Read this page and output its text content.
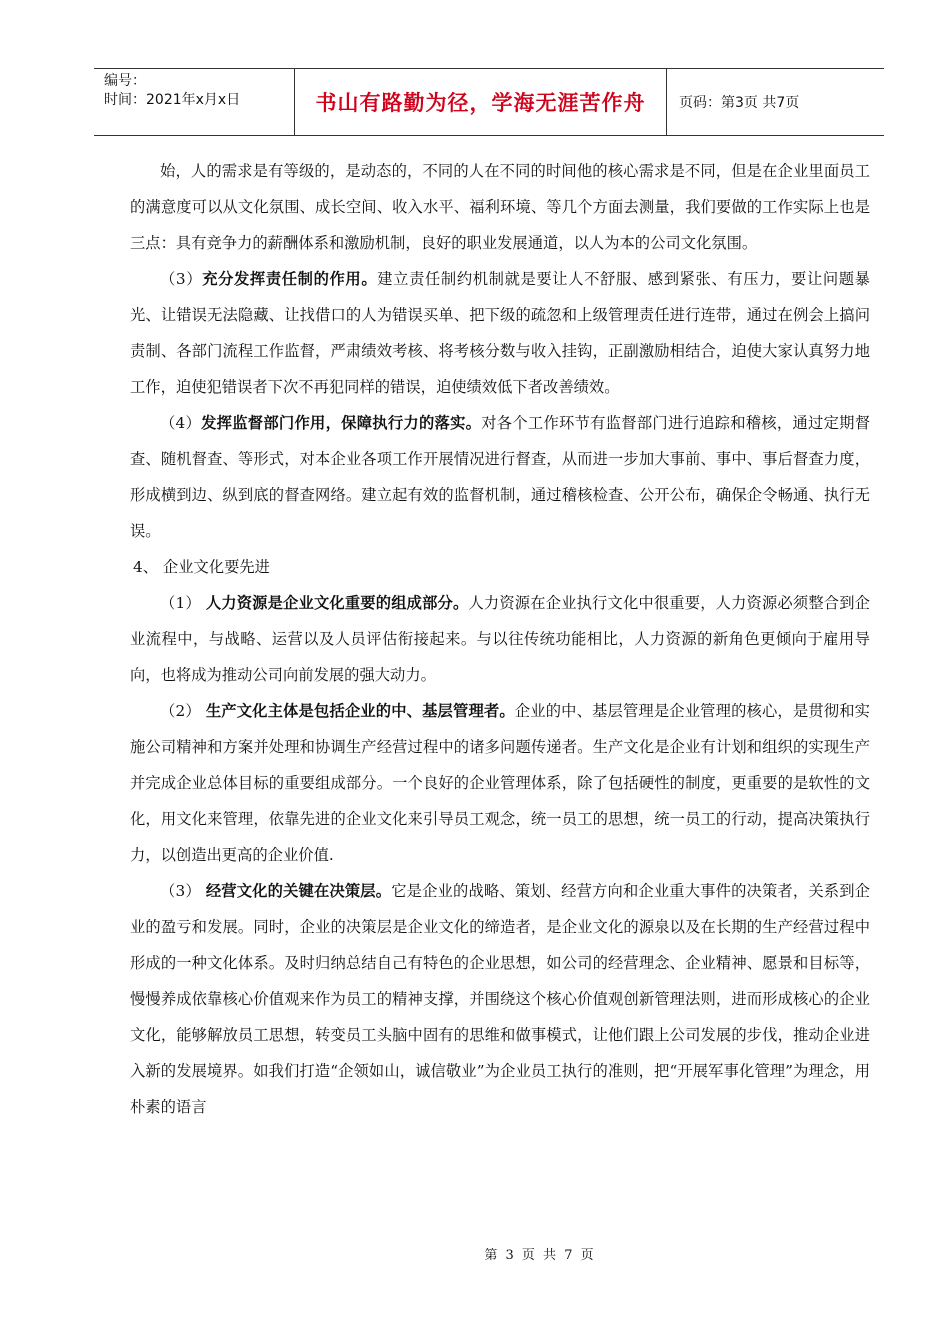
编号：
时间：2021年x月x日	书山有路勤为径，学海无涯苦作舟 页码：第3页 共7页

始，人的需求是有等级的，是动态的，不同的人在不同的时间他的核心需求是不同，但是在企业里面员工的满意度可以从文化氛围、成长空间、收入水平、福利环境、等几个方面去测量，我们要做的工作实际上也是三点：具有竞争力的薪酬体系和激励机制，良好的职业发展通道，以人为本的公司文化氛围。

（3）充分发挥责任制的作用。建立责任制约机制就是要让人不舒服、感到紧张、有压力，要让问题暴光、让错误无法隐藏、让找借口的人为错误买单、把下级的疏忽和上级管理责任进行连带，通过在例会上搞问责制、各部门流程工作监督，严肃绩效考核、将考核分数与收入挂钩，正副激励相结合，迫使大家认真努力地工作，迫使犯错误者下次不再犯同样的错误，迫使绩效低下者改善绩效。

（4）发挥监督部门作用，保障执行力的落实。对各个工作环节有监督部门进行追踪和稽核，通过定期督查、随机督查、等形式，对本企业各项工作开展情况进行督查，从而进一步加大事前、事中、事后督查力度，形成横到边、纵到底的督查网络。建立起有效的监督机制，通过稽核检查、公开公布，确保企令畅通、执行无误。

4、 企业文化要先进

（1） 人力资源是企业文化重要的组成部分。人力资源在企业执行文化中很重要，人力资源必须整合到企业流程中，与战略、运营以及人员评估衔接起来。与以往传统功能相比，人力资源的新角色更倾向于雇用导向，也将成为推动公司向前发展的强大动力。

（2） 生产文化主体是包括企业的中、基层管理者。企业的中、基层管理是企业管理的核心，是贯彻和实施公司精神和方案并处理和协调生产经营过程中的诸多问题传递者。生产文化是企业有计划和组织的实现生产并完成企业总体目标的重要组成部分。一个良好的企业管理体系，除了包括硬性的制度，更重要的是软性的文化，用文化来管理，依靠先进的企业文化来引导员工观念，统一员工的思想，统一员工的行动，提高决策执行力，以创造出更高的企业价值.

（3） 经营文化的关键在决策层。它是企业的战略、策划、经营方向和企业重大事件的决策者，关系到企业的盈亏和发展。同时，企业的决策层是企业文化的缔造者，是企业文化的源泉以及在长期的生产经营过程中形成的一种文化体系。及时归纳总结自己有特色的企业思想，如公司的经营理念、企业精神、愿景和目标等，慢慢养成依靠核心价值观来作为员工的精神支撑，并围绕这个核心价值观创新管理法则，进而形成核心的企业文化，能够解放员工思想，转变员工头脑中固有的思维和做事模式，让他们跟上公司发展的步伐，推动企业进入新的发展境界。如我们打造“企领如山，诚信敬业”为企业员工执行的准则，把“开展军事化管理”为理念，用朴素的语言

第 3 页 共 7 页
